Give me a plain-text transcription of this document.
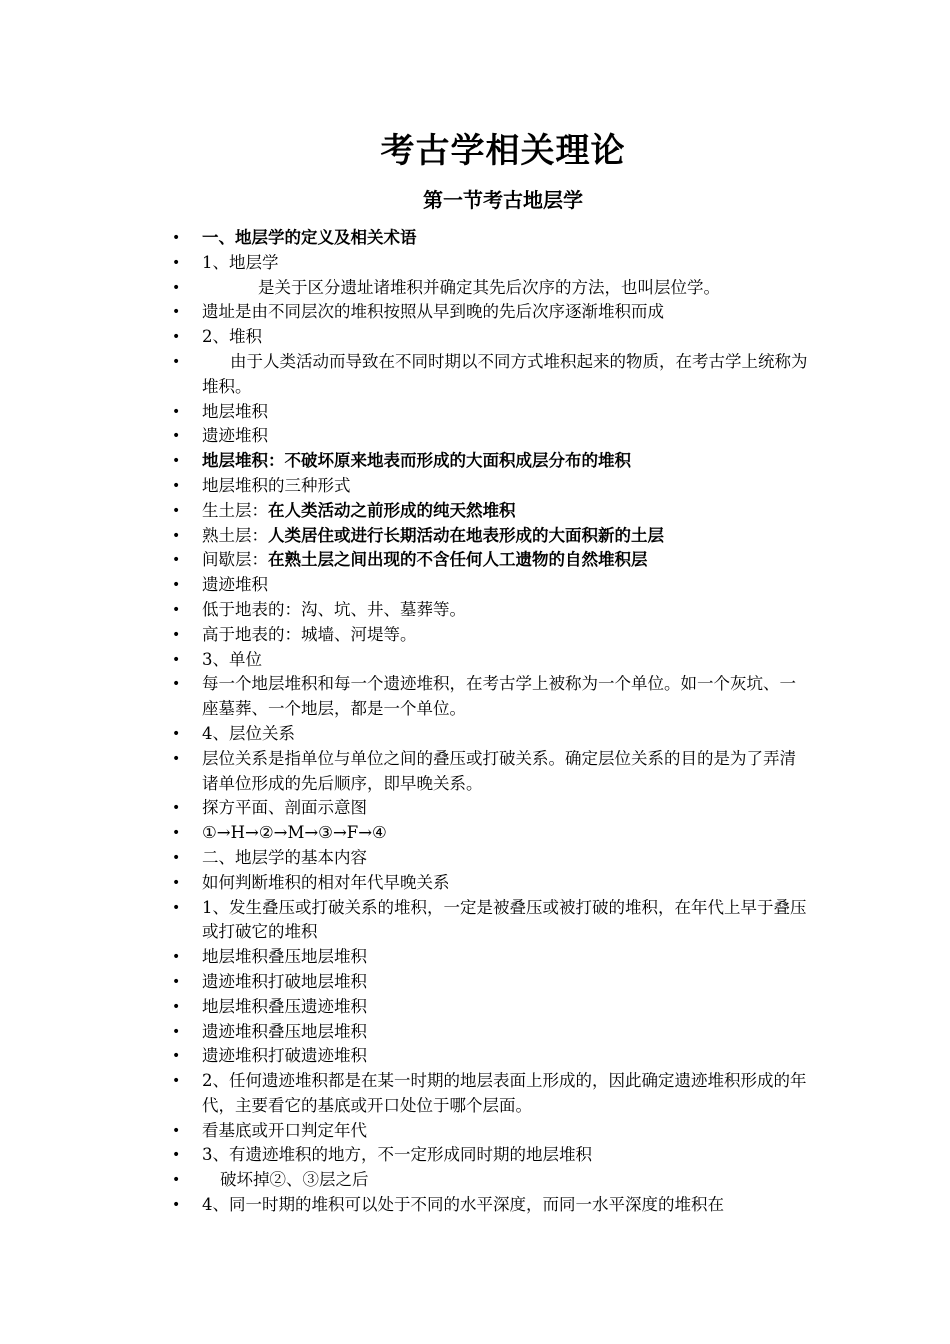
考古学相关理论
第一节考古地层学
•	一、地层学的定义及相关术语
•	1、地层学
•	是关于区分遗址诸堆积并确定其先后次序的方法，也叫层位学。
•	遗址是由不同层次的堆积按照从早到晚的先后次序逐渐堆积而成
•	2、堆积
•	由于人类活动而导致在不同时期以不同方式堆积起来的物质，在考古学上统称为堆积。
•	地层堆积
•	遗迹堆积
•	地层堆积：不破坏原来地表而形成的大面积成层分布的堆积
•	地层堆积的三种形式
•	生土层：在人类活动之前形成的纯天然堆积
•	熟土层：人类居住或进行长期活动在地表形成的大面积新的土层
•	间歇层：在熟土层之间出现的不含任何人工遗物的自然堆积层
•	遗迹堆积
•	低于地表的：沟、坑、井、墓葬等。
•	高于地表的：城墙、河堤等。
•	3、单位
•	每一个地层堆积和每一个遗迹堆积，在考古学上被称为一个单位。如一个灰坑、一座墓葬、一个地层，都是一个单位。
•	4、层位关系
•	层位关系是指单位与单位之间的叠压或打破关系。确定层位关系的目的是为了弄清诸单位形成的先后顺序，即早晚关系。
•	探方平面、剖面示意图
•	①→H→②→M→③→F→④
•	二、地层学的基本内容
•	如何判断堆积的相对年代早晚关系
•	1、发生叠压或打破关系的堆积，一定是被叠压或被打破的堆积，在年代上早于叠压或打破它的堆积
•	地层堆积叠压地层堆积
•	遗迹堆积打破地层堆积
•	地层堆积叠压遗迹堆积
•	遗迹堆积叠压地层堆积
•	遗迹堆积打破遗迹堆积
•	2、任何遗迹堆积都是在某一时期的地层表面上形成的，因此确定遗迹堆积形成的年代，主要看它的基底或开口处位于哪个层面。
•	看基底或开口判定年代
•	3、有遗迹堆积的地方，不一定形成同时期的地层堆积
•	破坏掉②、③层之后
•	4、同一时期的堆积可以处于不同的水平深度，而同一水平深度的堆积在
